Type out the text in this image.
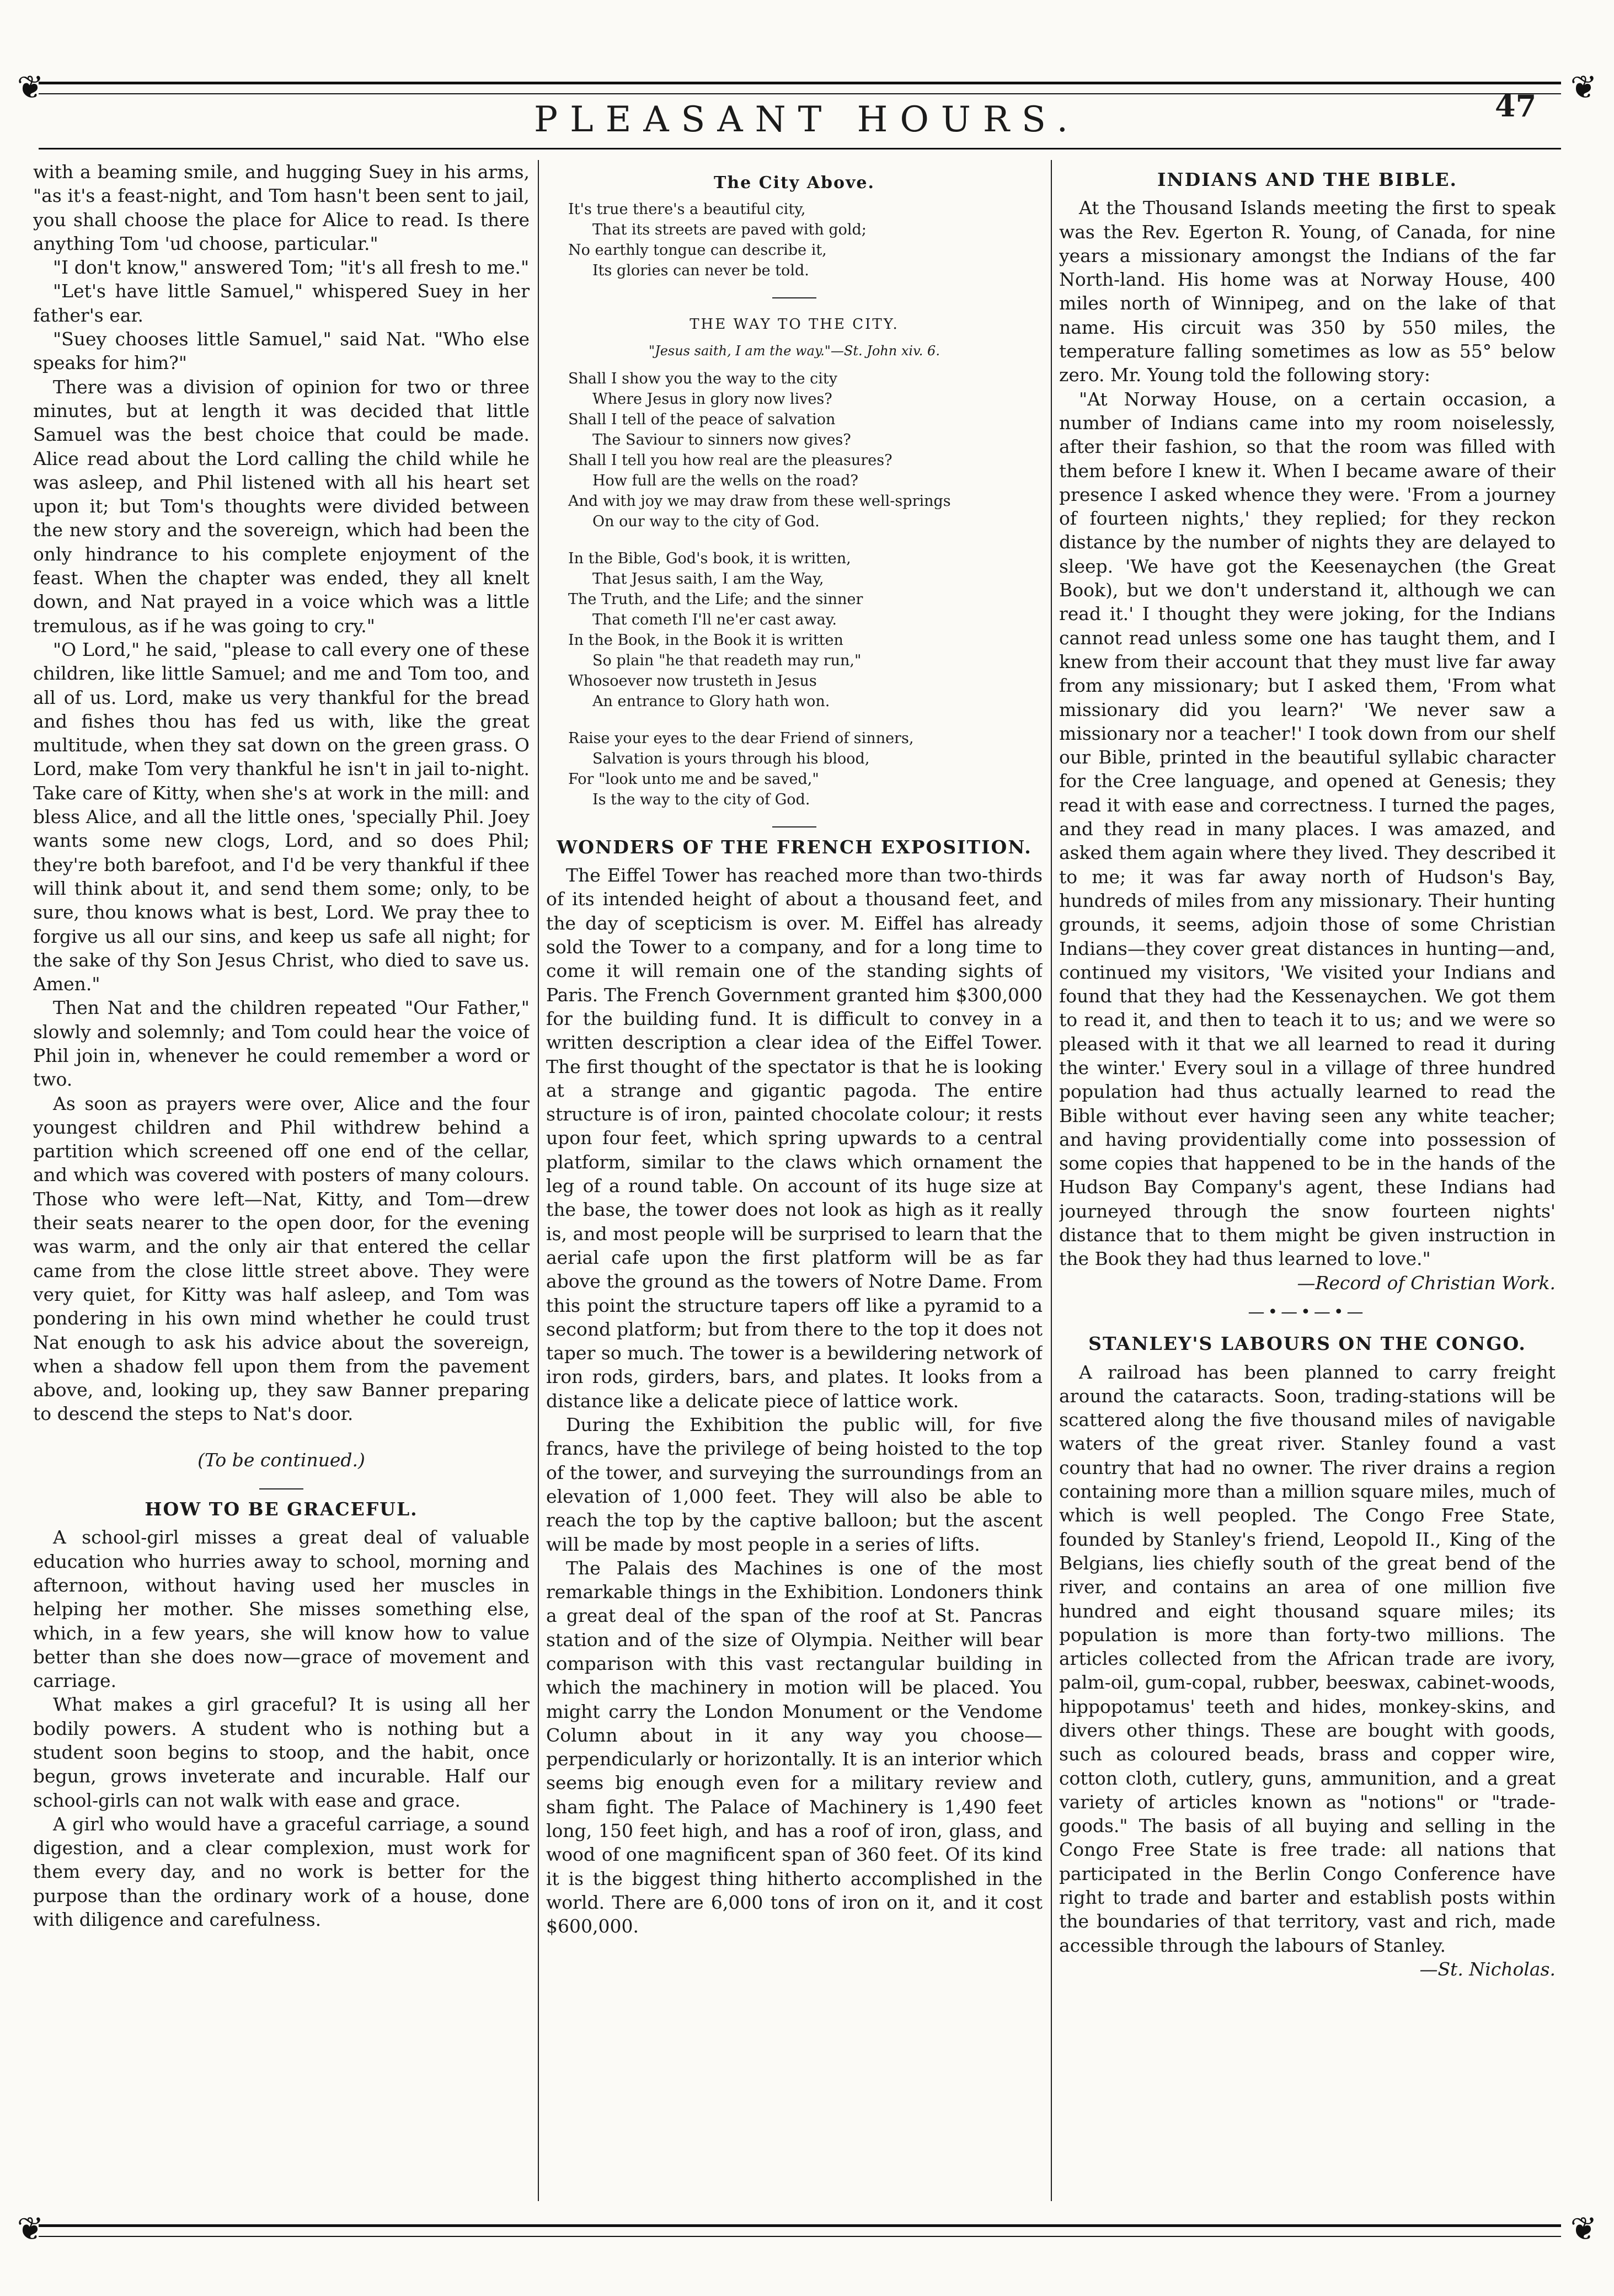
❦	❦
PLEASANT HOURS.	47

with a beaming smile, and hugging Suey in his arms, "as it's a feast-night, and Tom hasn't been sent to jail, you shall choose the place for Alice to read. Is there anything Tom 'ud choose, particular."

"I don't know," answered Tom; "it's all fresh to me."

"Let's have little Samuel," whispered Suey in her father's ear.

"Suey chooses little Samuel," said Nat. "Who else speaks for him?"

There was a division of opinion for two or three minutes, but at length it was decided that little Samuel was the best choice that could be made. Alice read about the Lord calling the child while he was asleep, and Phil listened with all his heart set upon it; but Tom's thoughts were divided between the new story and the sovereign, which had been the only hindrance to his complete enjoyment of the feast. When the chapter was ended, they all knelt down, and Nat prayed in a voice which was a little tremulous, as if he was going to cry."

"O Lord," he said, "please to call every one of these children, like little Samuel; and me and Tom too, and all of us. Lord, make us very thankful for the bread and fishes thou has fed us with, like the great multitude, when they sat down on the green grass. O Lord, make Tom very thankful he isn't in jail to-night. Take care of Kitty, when she's at work in the mill: and bless Alice, and all the little ones, 'specially Phil. Joey wants some new clogs, Lord, and so does Phil; they're both barefoot, and I'd be very thankful if thee will think about it, and send them some; only, to be sure, thou knows what is best, Lord. We pray thee to forgive us all our sins, and keep us safe all night; for the sake of thy Son Jesus Christ, who died to save us. Amen."

Then Nat and the children repeated "Our Father," slowly and solemnly; and Tom could hear the voice of Phil join in, whenever he could remember a word or two.

As soon as prayers were over, Alice and the four youngest children and Phil withdrew behind a partition which screened off one end of the cellar, and which was covered with posters of many colours. Those who were left—Nat, Kitty, and Tom—drew their seats nearer to the open door, for the evening was warm, and the only air that entered the cellar came from the close little street above. They were very quiet, for Kitty was half asleep, and Tom was pondering in his own mind whether he could trust Nat enough to ask his advice about the sovereign, when a shadow fell upon them from the pavement above, and, looking up, they saw Banner preparing to descend the steps to Nat's door.

(To be continued.)
HOW TO BE GRACEFUL.

A school-girl misses a great deal of valuable education who hurries away to school, morning and afternoon, without having used her muscles in helping her mother. She misses something else, which, in a few years, she will know how to value better than she does now—grace of movement and carriage.

What makes a girl graceful? It is using all her bodily powers. A student who is nothing but a student soon begins to stoop, and the habit, once begun, grows inveterate and incurable. Half our school-girls can not walk with ease and grace.

A girl who would have a graceful carriage, a sound digestion, and a clear complexion, must work for them every day, and no work is better for the purpose than the ordinary work of a house, done with diligence and carefulness.

The City Above.
It's true there's a beautiful city,
That its streets are paved with gold;
No earthly tongue can describe it,
Its glories can never be told.
THE WAY TO THE CITY.
"Jesus saith, I am the way."—St. John xiv. 6.
Shall I show you the way to the city
Where Jesus in glory now lives?
Shall I tell of the peace of salvation
The Saviour to sinners now gives?
Shall I tell you how real are the pleasures?
How full are the wells on the road?
And with joy we may draw from these well-springs
On our way to the city of God.
In the Bible, God's book, it is written,
That Jesus saith, I am the Way,
The Truth, and the Life; and the sinner
That cometh I'll ne'er cast away.
In the Book, in the Book it is written
So plain "he that readeth may run,"
Whosoever now trusteth in Jesus
An entrance to Glory hath won.
Raise your eyes to the dear Friend of sinners,
Salvation is yours through his blood,
For "look unto me and be saved,"
Is the way to the city of God.
WONDERS OF THE FRENCH EXPOSITION.

The Eiffel Tower has reached more than two-thirds of its intended height of about a thousand feet, and the day of scepticism is over. M. Eiffel has already sold the Tower to a company, and for a long time to come it will remain one of the standing sights of Paris. The French Government granted him $300,000 for the building fund. It is difficult to convey in a written description a clear idea of the Eiffel Tower. The first thought of the spectator is that he is looking at a strange and gigantic pagoda. The entire structure is of iron, painted chocolate colour; it rests upon four feet, which spring upwards to a central platform, similar to the claws which ornament the leg of a round table. On account of its huge size at the base, the tower does not look as high as it really is, and most people will be surprised to learn that the aerial cafe upon the first platform will be as far above the ground as the towers of Notre Dame. From this point the structure tapers off like a pyramid to a second platform; but from there to the top it does not taper so much. The tower is a bewildering network of iron rods, girders, bars, and plates. It looks from a distance like a delicate piece of lattice work.

During the Exhibition the public will, for five francs, have the privilege of being hoisted to the top of the tower, and surveying the surroundings from an elevation of 1,000 feet. They will also be able to reach the top by the captive balloon; but the ascent will be made by most people in a series of lifts.

The Palais des Machines is one of the most remarkable things in the Exhibition. Londoners think a great deal of the span of the roof at St. Pancras station and of the size of Olympia. Neither will bear comparison with this vast rectangular building in which the machinery in motion will be placed. You might carry the London Monument or the Vendome Column about in it any way you choose—perpendicularly or horizontally. It is an interior which seems big enough even for a military review and sham fight. The Palace of Machinery is 1,490 feet long, 150 feet high, and has a roof of iron, glass, and wood of one magnificent span of 360 feet. Of its kind it is the biggest thing hitherto accomplished in the world. There are 6,000 tons of iron on it, and it cost $600,000.

INDIANS AND THE BIBLE.

At the Thousand Islands meeting the first to speak was the Rev. Egerton R. Young, of Canada, for nine years a missionary amongst the Indians of the far North-land. His home was at Norway House, 400 miles north of Winnipeg, and on the lake of that name. His circuit was 350 by 550 miles, the temperature falling sometimes as low as 55° below zero. Mr. Young told the following story:

"At Norway House, on a certain occasion, a number of Indians came into my room noiselessly, after their fashion, so that the room was filled with them before I knew it. When I became aware of their presence I asked whence they were. 'From a journey of fourteen nights,' they replied; for they reckon distance by the number of nights they are delayed to sleep. 'We have got the Keesenaychen (the Great Book), but we don't understand it, although we can read it.' I thought they were joking, for the Indians cannot read unless some one has taught them, and I knew from their account that they must live far away from any missionary; but I asked them, 'From what missionary did you learn?' 'We never saw a missionary nor a teacher!' I took down from our shelf our Bible, printed in the beautiful syllabic character for the Cree language, and opened at Genesis; they read it with ease and correctness. I turned the pages, and they read in many places. I was amazed, and asked them again where they lived. They described it to me; it was far away north of Hudson's Bay, hundreds of miles from any missionary. Their hunting grounds, it seems, adjoin those of some Christian Indians—they cover great distances in hunting—and, continued my visitors, 'We visited your Indians and found that they had the Kessenaychen. We got them to read it, and then to teach it to us; and we were so pleased with it that we all learned to read it during the winter.' Every soul in a village of three hundred population had thus actually learned to read the Bible without ever having seen any white teacher; and having providentially come into possession of some copies that happened to be in the hands of the Hudson Bay Company's agent, these Indians had journeyed through the snow fourteen nights' distance that to them might be given instruction in the Book they had thus learned to love."

—Record of Christian Work.

—•—•—•—
STANLEY'S LABOURS ON THE CONGO.

A railroad has been planned to carry freight around the cataracts. Soon, trading-stations will be scattered along the five thousand miles of navigable waters of the great river. Stanley found a vast country that had no owner. The river drains a region containing more than a million square miles, much of which is well peopled. The Congo Free State, founded by Stanley's friend, Leopold II., King of the Belgians, lies chiefly south of the great bend of the river, and contains an area of one million five hundred and eight thousand square miles; its population is more than forty-two millions. The articles collected from the African trade are ivory, palm-oil, gum-copal, rubber, beeswax, cabinet-woods, hippopotamus' teeth and hides, monkey-skins, and divers other things. These are bought with goods, such as coloured beads, brass and copper wire, cotton cloth, cutlery, guns, ammunition, and a great variety of articles known as "notions" or "trade-goods." The basis of all buying and selling in the Congo Free State is free trade: all nations that participated in the Berlin Congo Conference have right to trade and barter and establish posts within the boundaries of that territory, vast and rich, made accessible through the labours of Stanley.

—St. Nicholas.

❦	❦
